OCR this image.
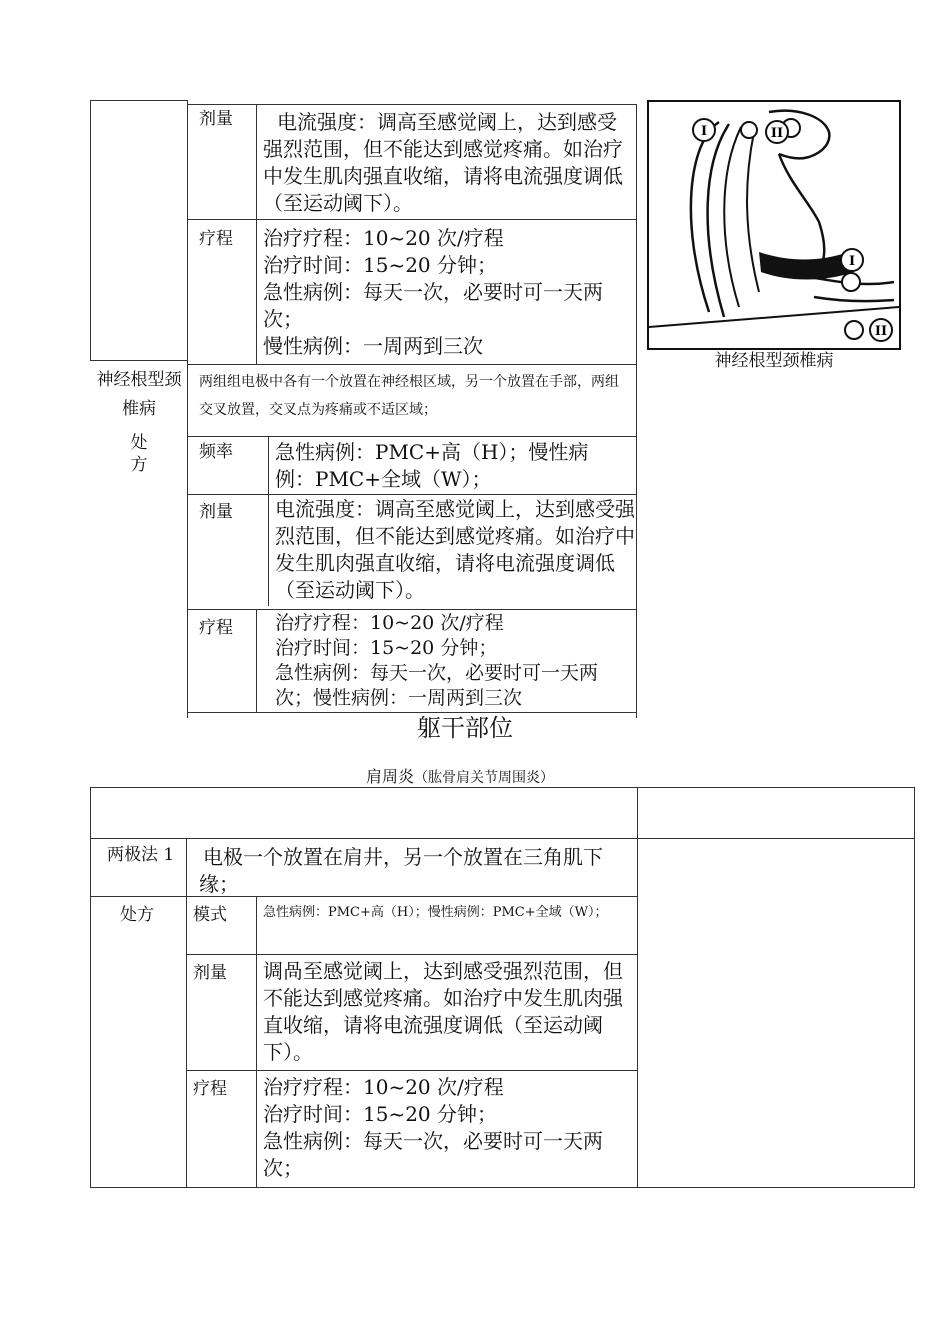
剂量	电流强度：调高至感觉阈上，达到感受强烈范围，但不能达到感觉疼痛。如治疗中发生肌肉强直收缩，请将电流强度调低（至运动阈下）。
疗程 治疗疗程：10~20 次/疗程
治疗时间：15~20 分钟；
急性病例：每天一次，必要时可一天两次；
慢性病例：一周两到三次
神经根型颈椎病
处
方
两组组电极中各有一个放置在神经根区域，另一个放置在手部，两组交叉放置，交叉点为疼痛或不适区域；
频率 急性病例：PMC+高（H）；慢性病例：PMC+全域（W）；
剂量 电流强度：调高至感觉阈上，达到感受强烈范围，但不能达到感觉疼痛。如治疗中发生肌肉强直收缩，请将电流强度调低（至运动阈下）。
疗程 治疗疗程：10~20 次/疗程
治疗时间：15~20 分钟；
急性病例：每天一次，必要时可一天两次；慢性病例：一周两到三次
I	II
I
II
神经根型颈椎病
躯干部位
肩周炎（肱骨肩关节周围炎）
两极法 1 电极一个放置在肩井，另一个放置在三角肌下缘；
处方 模式	急性病例：PMC+高（H）；慢性病例：PMC+全域（W）；
剂量 调咼至感觉阈上，达到感受强烈范围，但不能达到感觉疼痛。如治疗中发生肌肉强直收缩，请将电流强度调低（至运动阈下）。
疗程 治疗疗程：10~20 次/疗程
治疗时间：15~20 分钟；
急性病例：每天一次，必要时可一天两次；
